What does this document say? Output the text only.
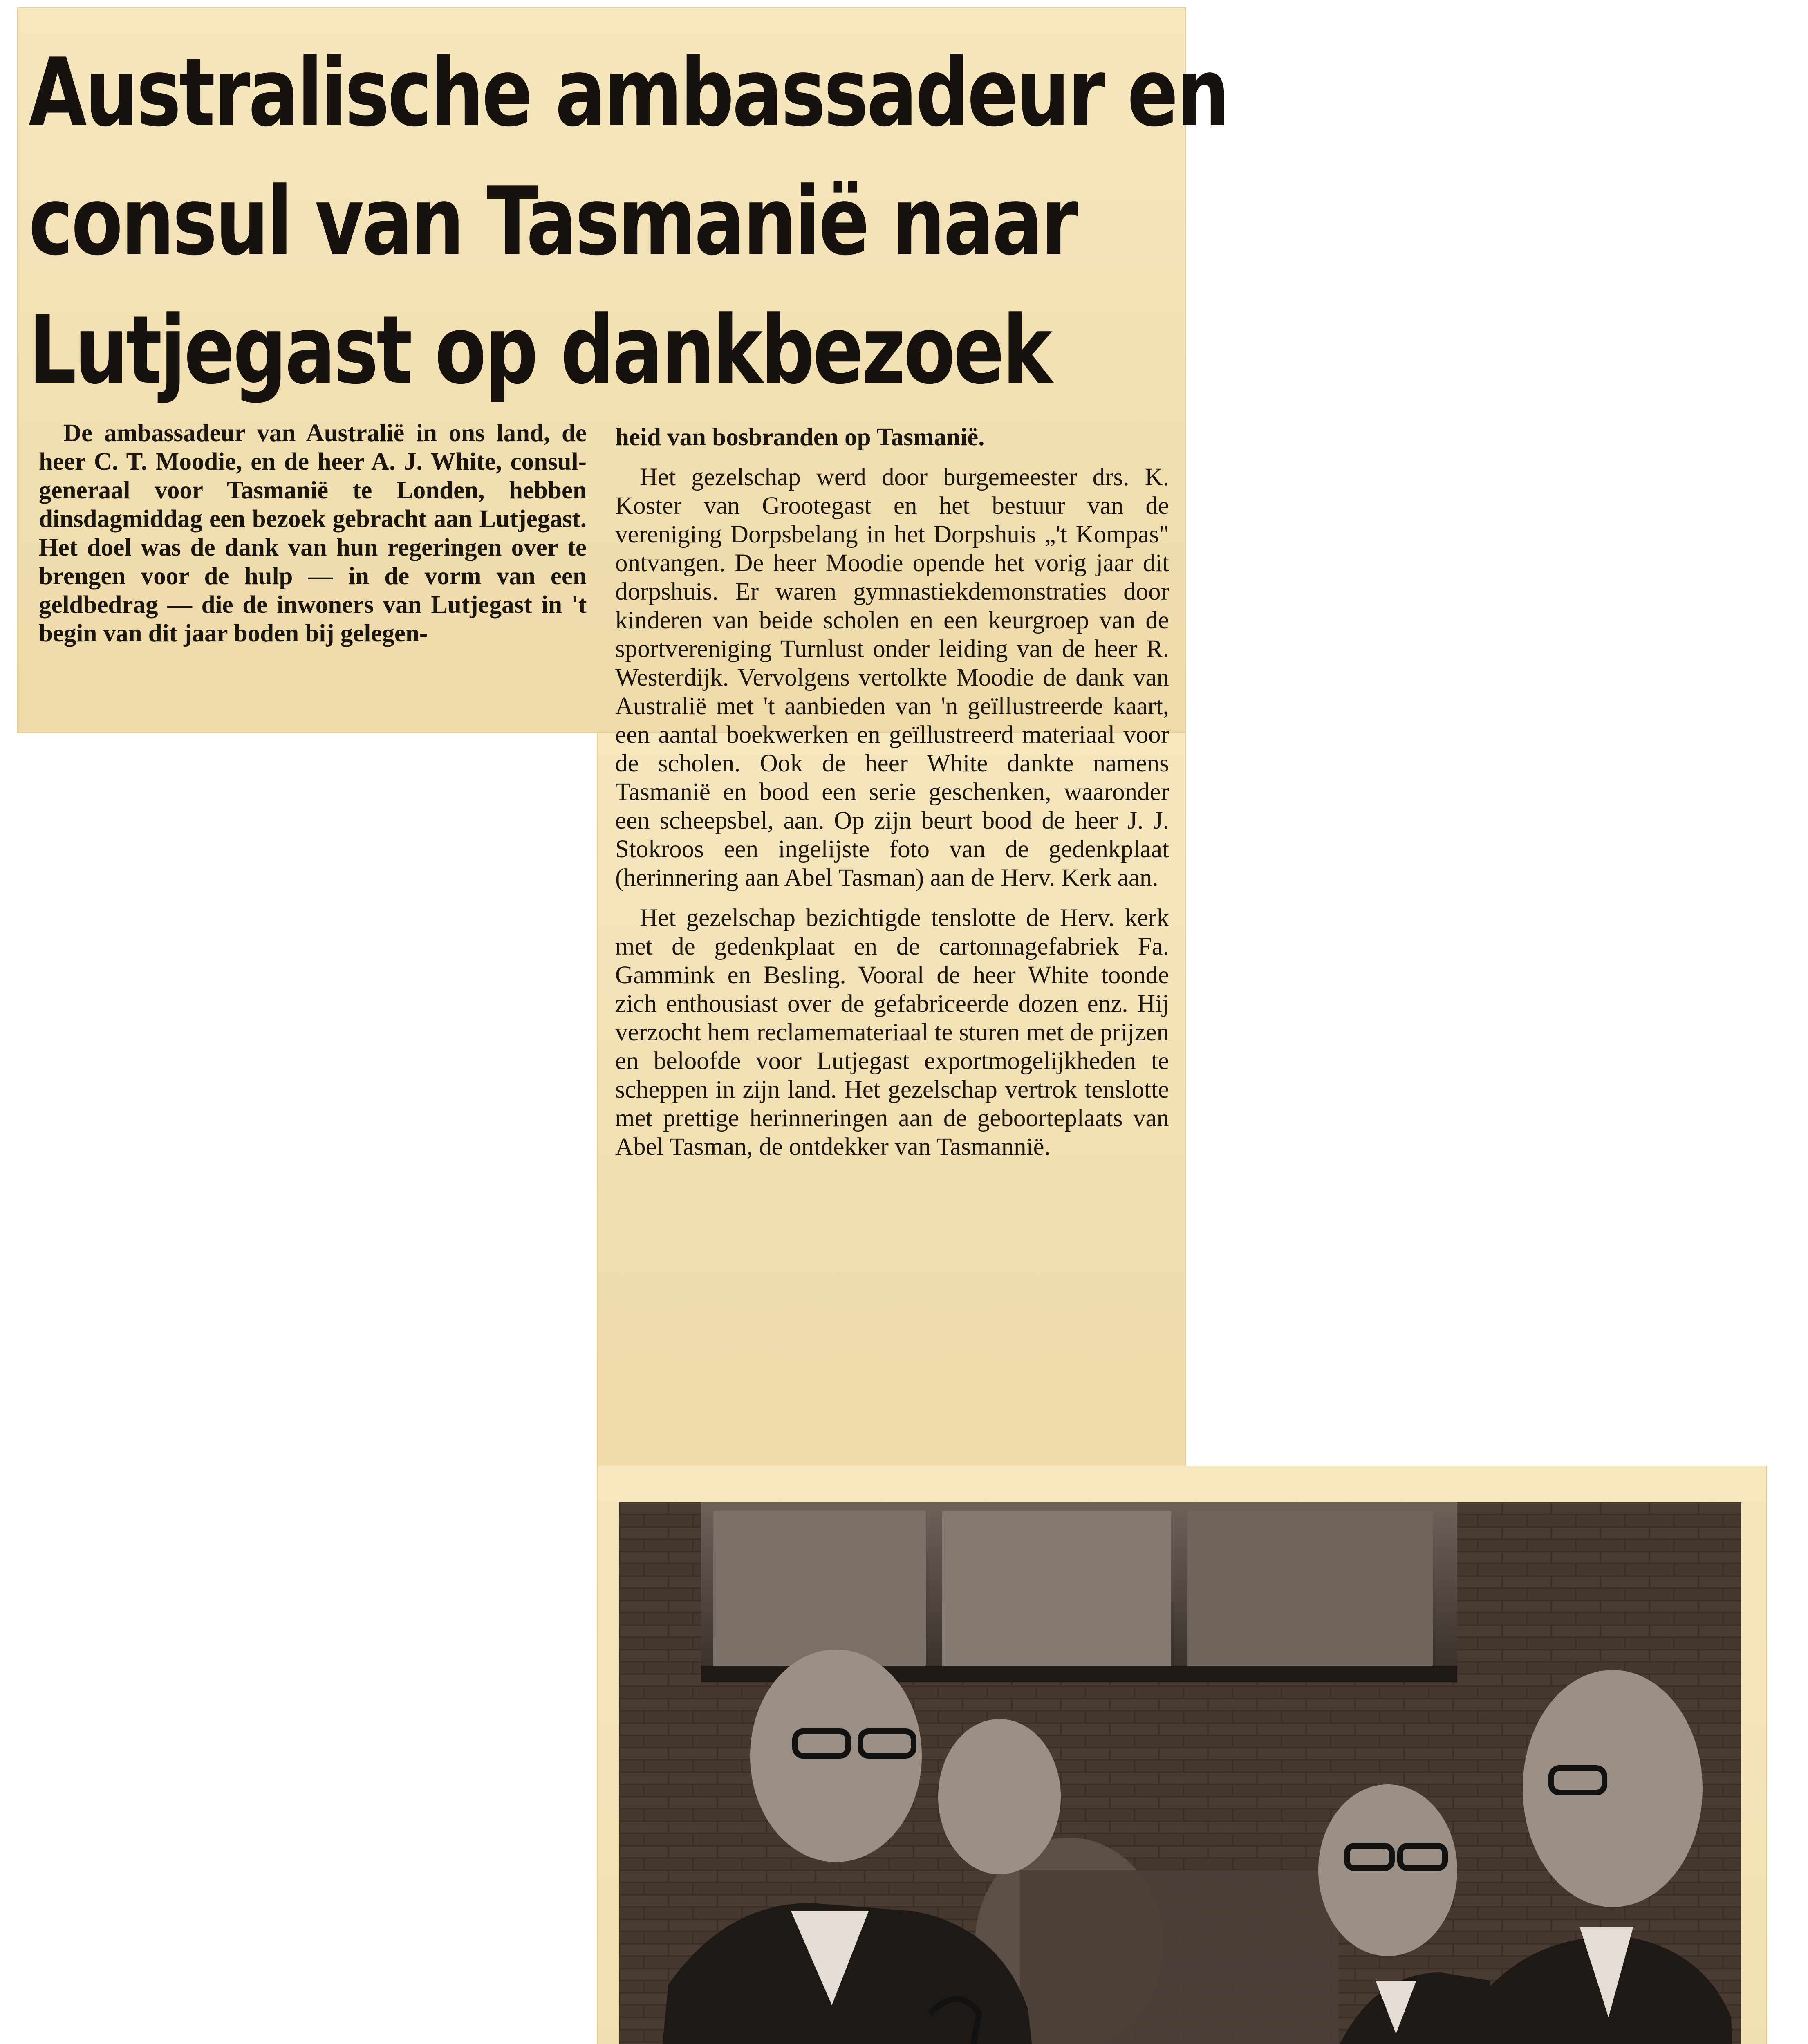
Australische ambassadeur en
consul van Tasmanië naar
Lutjegast op dankbezoek
De ambassadeur van Australië in ons land, de heer C. T. Moodie, en de heer A. J. White, consul-generaal voor Tasmanië te Londen, hebben dinsdagmiddag een bezoek gebracht aan Lutjegast. Het doel was de dank van hun regeringen over te brengen voor de hulp — in de vorm van een geldbedrag — die de inwoners van Lutjegast in 't begin van dit jaar boden bij gelegen-
heid van bosbranden op Tasmanië.
Het gezelschap werd door burgemeester drs. K. Koster van Grootegast en het bestuur van de vereniging Dorpsbelang in het Dorpshuis „'t Kompas" ontvangen. De heer Moodie opende het vorig jaar dit dorpshuis. Er waren gymnastiekdemonstraties door kinderen van beide scholen en een keurgroep van de sportvereniging Turnlust onder leiding van de heer R. Westerdijk. Vervolgens vertolkte Moodie de dank van Australië met 't aanbieden van 'n geïllustreerde kaart, een aantal boekwerken en geïllustreerd materiaal voor de scholen. Ook de heer White dankte namens Tasmanië en bood een serie geschenken, waaronder een scheepsbel, aan. Op zijn beurt bood de heer J. J. Stokroos een ingelijste foto van de gedenkplaat (herinnering aan Abel Tasman) aan de Herv. Kerk aan.
Het gezelschap bezichtigde tenslotte de Herv. kerk met de gedenkplaat en de cartonnagefabriek Fa. Gammink en Besling. Vooral de heer White toonde zich enthousiast over de gefabriceerde dozen enz. Hij verzocht hem reclamemateriaal te sturen met de prijzen en beloofde voor Lutjegast exportmogelijkheden te scheppen in zijn land. Het gezelschap vertrok tenslotte met prettige herinneringen aan de geboorteplaats van Abel Tasman, de ontdekker van Tasmannië.
